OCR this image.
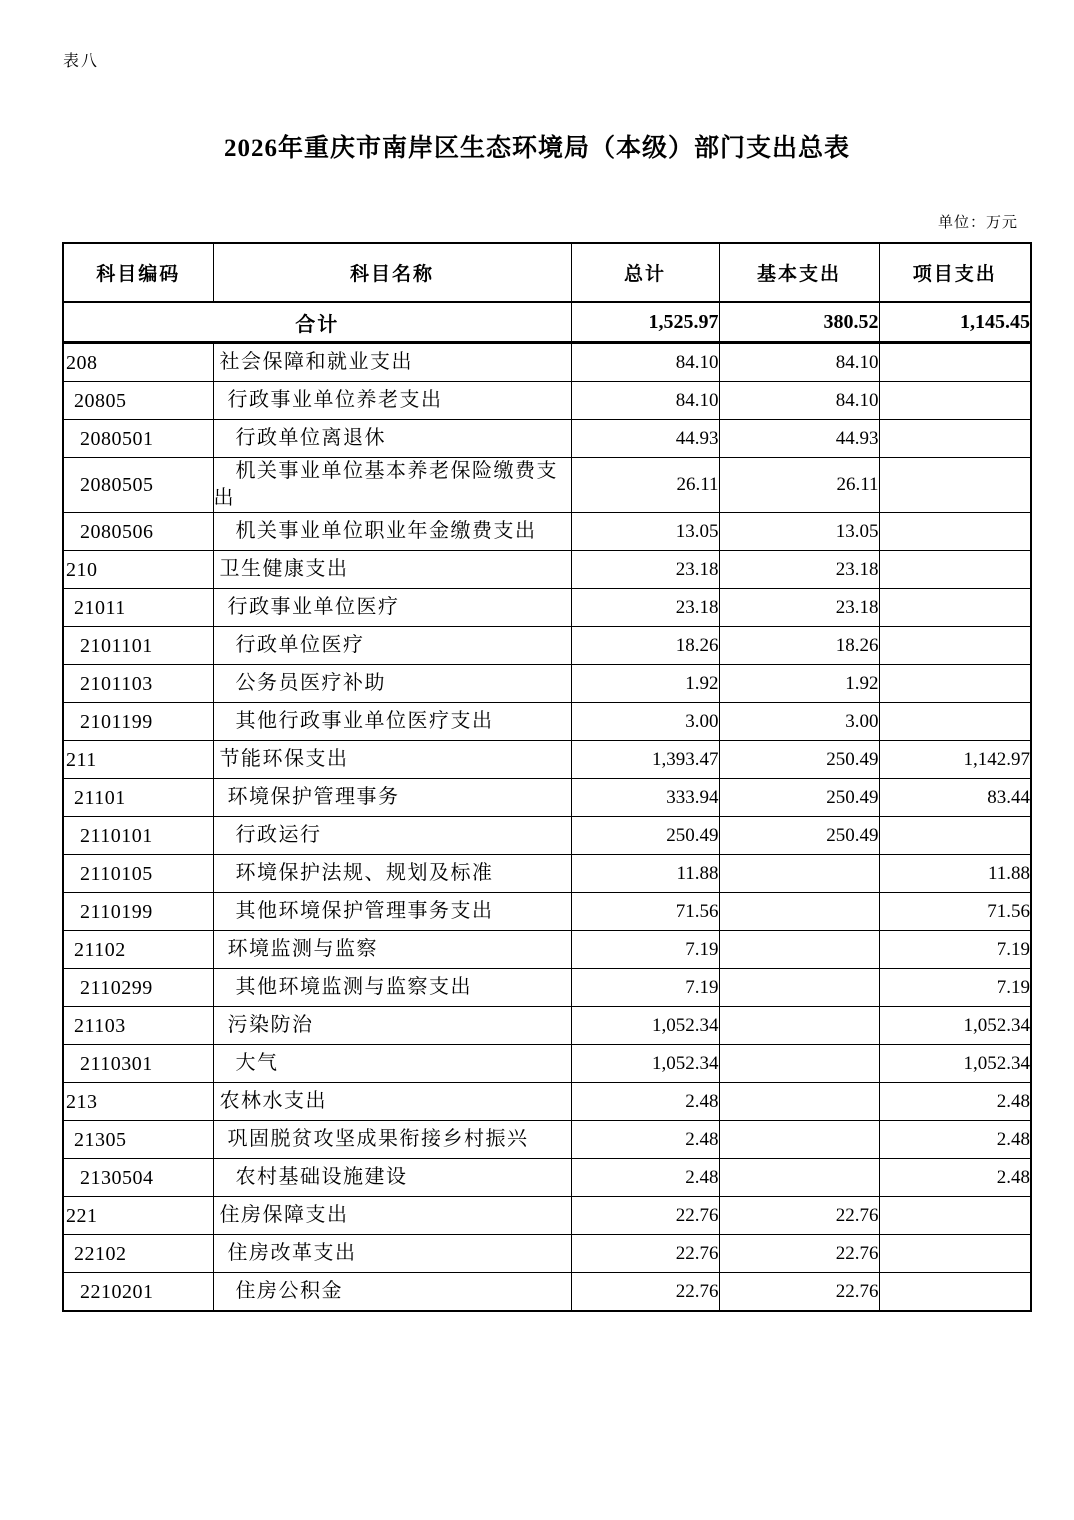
表八
2026年重庆市南岸区生态环境局（本级）部门支出总表
单位：万元
科目编码	科目名称	总计	基本支出	项目支出
合计		1,525.97	380.52	1,145.45
208	社会保障和就业支出	84.10	84.10	
20805	行政事业单位养老支出	84.10	84.10	
2080501	行政单位离退休	44.93	44.93	
2080505	机关事业单位基本养老保险缴费支出	26.11	26.11	
2080506	机关事业单位职业年金缴费支出	13.05	13.05	
210	卫生健康支出	23.18	23.18	
21011	行政事业单位医疗	23.18	23.18	
2101101	行政单位医疗	18.26	18.26	
2101103	公务员医疗补助	1.92	1.92	
2101199	其他行政事业单位医疗支出	3.00	3.00	
211	节能环保支出	1,393.47	250.49	1,142.97
21101	环境保护管理事务	333.94	250.49	83.44
2110101	行政运行	250.49	250.49	
2110105	环境保护法规、规划及标准	11.88		11.88
2110199	其他环境保护管理事务支出	71.56		71.56
21102	环境监测与监察	7.19		7.19
2110299	其他环境监测与监察支出	7.19		7.19
21103	污染防治	1,052.34		1,052.34
2110301	大气	1,052.34		1,052.34
213	农林水支出	2.48		2.48
21305	巩固脱贫攻坚成果衔接乡村振兴	2.48		2.48
2130504	农村基础设施建设	2.48		2.48
221	住房保障支出	22.76	22.76	
22102	住房改革支出	22.76	22.76	
2210201	住房公积金	22.76	22.76	
